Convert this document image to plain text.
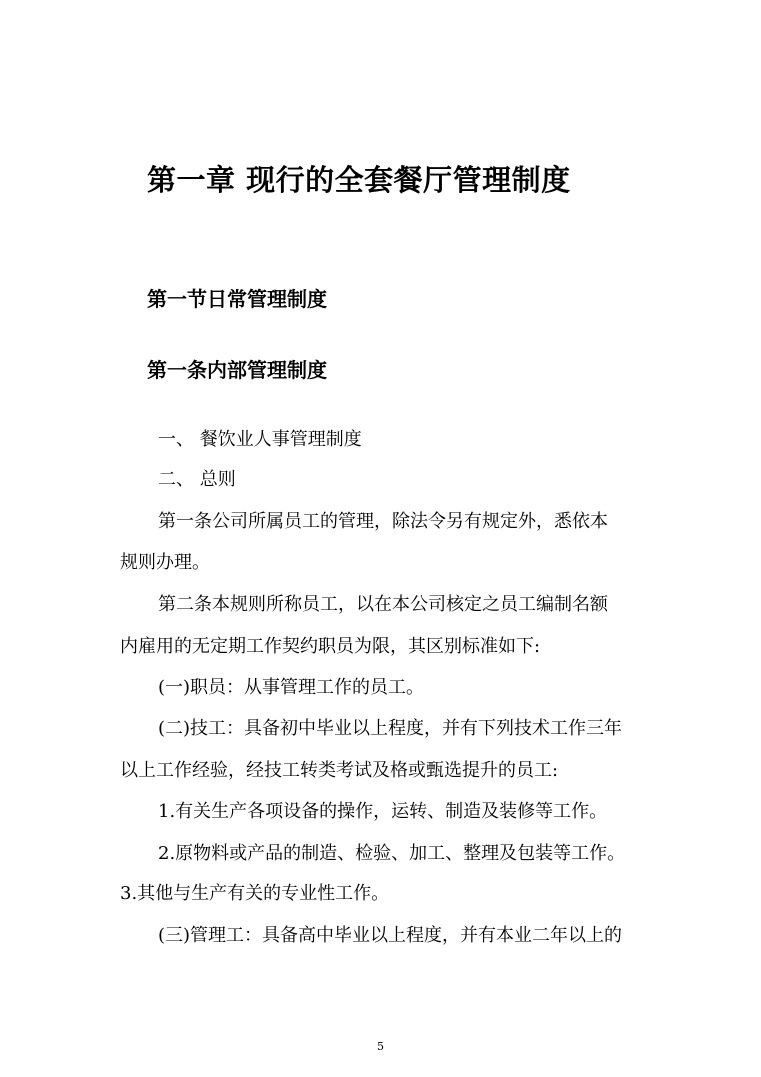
第一章 现行的全套餐厅管理制度
第一节日常管理制度
第一条内部管理制度
一、 餐饮业人事管理制度
二、 总则
第一条公司所属员工的管理，除法令另有规定外，悉依本
规则办理。
第二条本规则所称员工，以在本公司核定之员工编制名额
内雇用的无定期工作契约职员为限，其区别标准如下:
(一)职员：从事管理工作的员工。
(二)技工：具备初中毕业以上程度，并有下列技术工作三年
以上工作经验，经技工转类考试及格或甄选提升的员工:
1.有关生产各项设备的操作，运转、制造及装修等工作。
2.原物料或产品的制造、检验、加工、整理及包装等工作。
3.其他与生产有关的专业性工作。
(三)管理工：具备高中毕业以上程度，并有本业二年以上的
5
